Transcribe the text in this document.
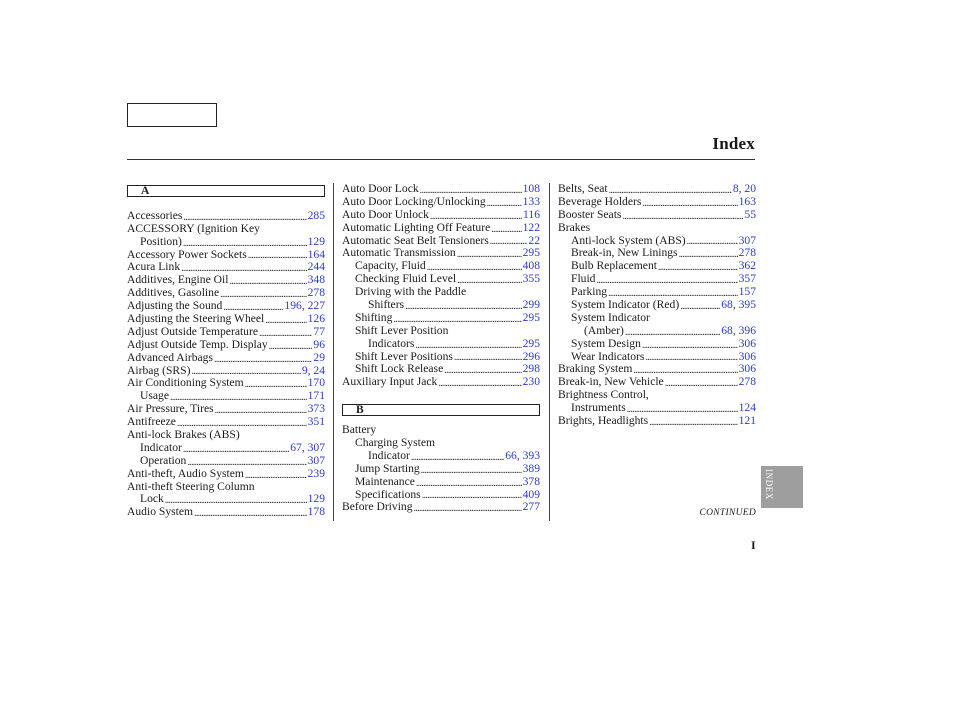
Index
A
Accessories . . .	285
ACCESSORY (Ignition Key
Position) . . .	129
Accessory Power Sockets . . .	164
Acura Link . . .	244
Additives, Engine Oil . . .	348
Additives, Gasoline . . .	278
Adjusting the Sound . . .	196, 227
Adjusting the Steering Wheel . . .	126
Adjust Outside Temperature . . .	77
Adjust Outside Temp. Display . . .	96
Advanced Airbags . . .	29
Airbag (SRS) . . .	9, 24
Air Conditioning System . . .	170
Usage . . .	171
Air Pressure, Tires . . .	373
Antifreeze . . .	351
Anti-lock Brakes (ABS)
Indicator . . .	67, 307
Operation . . .	307
Anti-theft, Audio System . . .	239
Anti-theft Steering Column
Lock . . .	129
Audio System . . .	178
Auto Door Lock . . .	108
Auto Door Locking/Unlocking . . .	133
Auto Door Unlock . . .	116
Automatic Lighting Off Feature . . .	122
Automatic Seat Belt Tensioners . . .	22
Automatic Transmission . . .	295
Capacity, Fluid . . .	408
Checking Fluid Level . . .	355
Driving with the Paddle
Shifters . . .	299
Shifting . . .	295
Shift Lever Position
Indicators . . .	295
Shift Lever Positions . . .	296
Shift Lock Release . . .	298
Auxiliary Input Jack . . .	230
B
Battery
Charging System
Indicator . . .	66, 393
Jump Starting . . .	389
Maintenance . . .	378
Specifications . . .	409
Before Driving . . .	277
Belts, Seat . . .	8, 20
Beverage Holders . . .	163
Booster Seats . . .	55
Brakes
Anti-lock System (ABS) . . .	307
Break-in, New Linings . . .	278
Bulb Replacement . . .	362
Fluid . . .	357
Parking . . .	157
System Indicator (Red) . . .	68, 395
System Indicator
(Amber) . . .	68, 396
System Design . . .	306
Wear Indicators . . .	306
Braking System . . .	306
Break-in, New Vehicle . . .	278
Brightness Control,
Instruments . . .	124
Brights, Headlights . . .	121
INDEX
CONTINUED
I
